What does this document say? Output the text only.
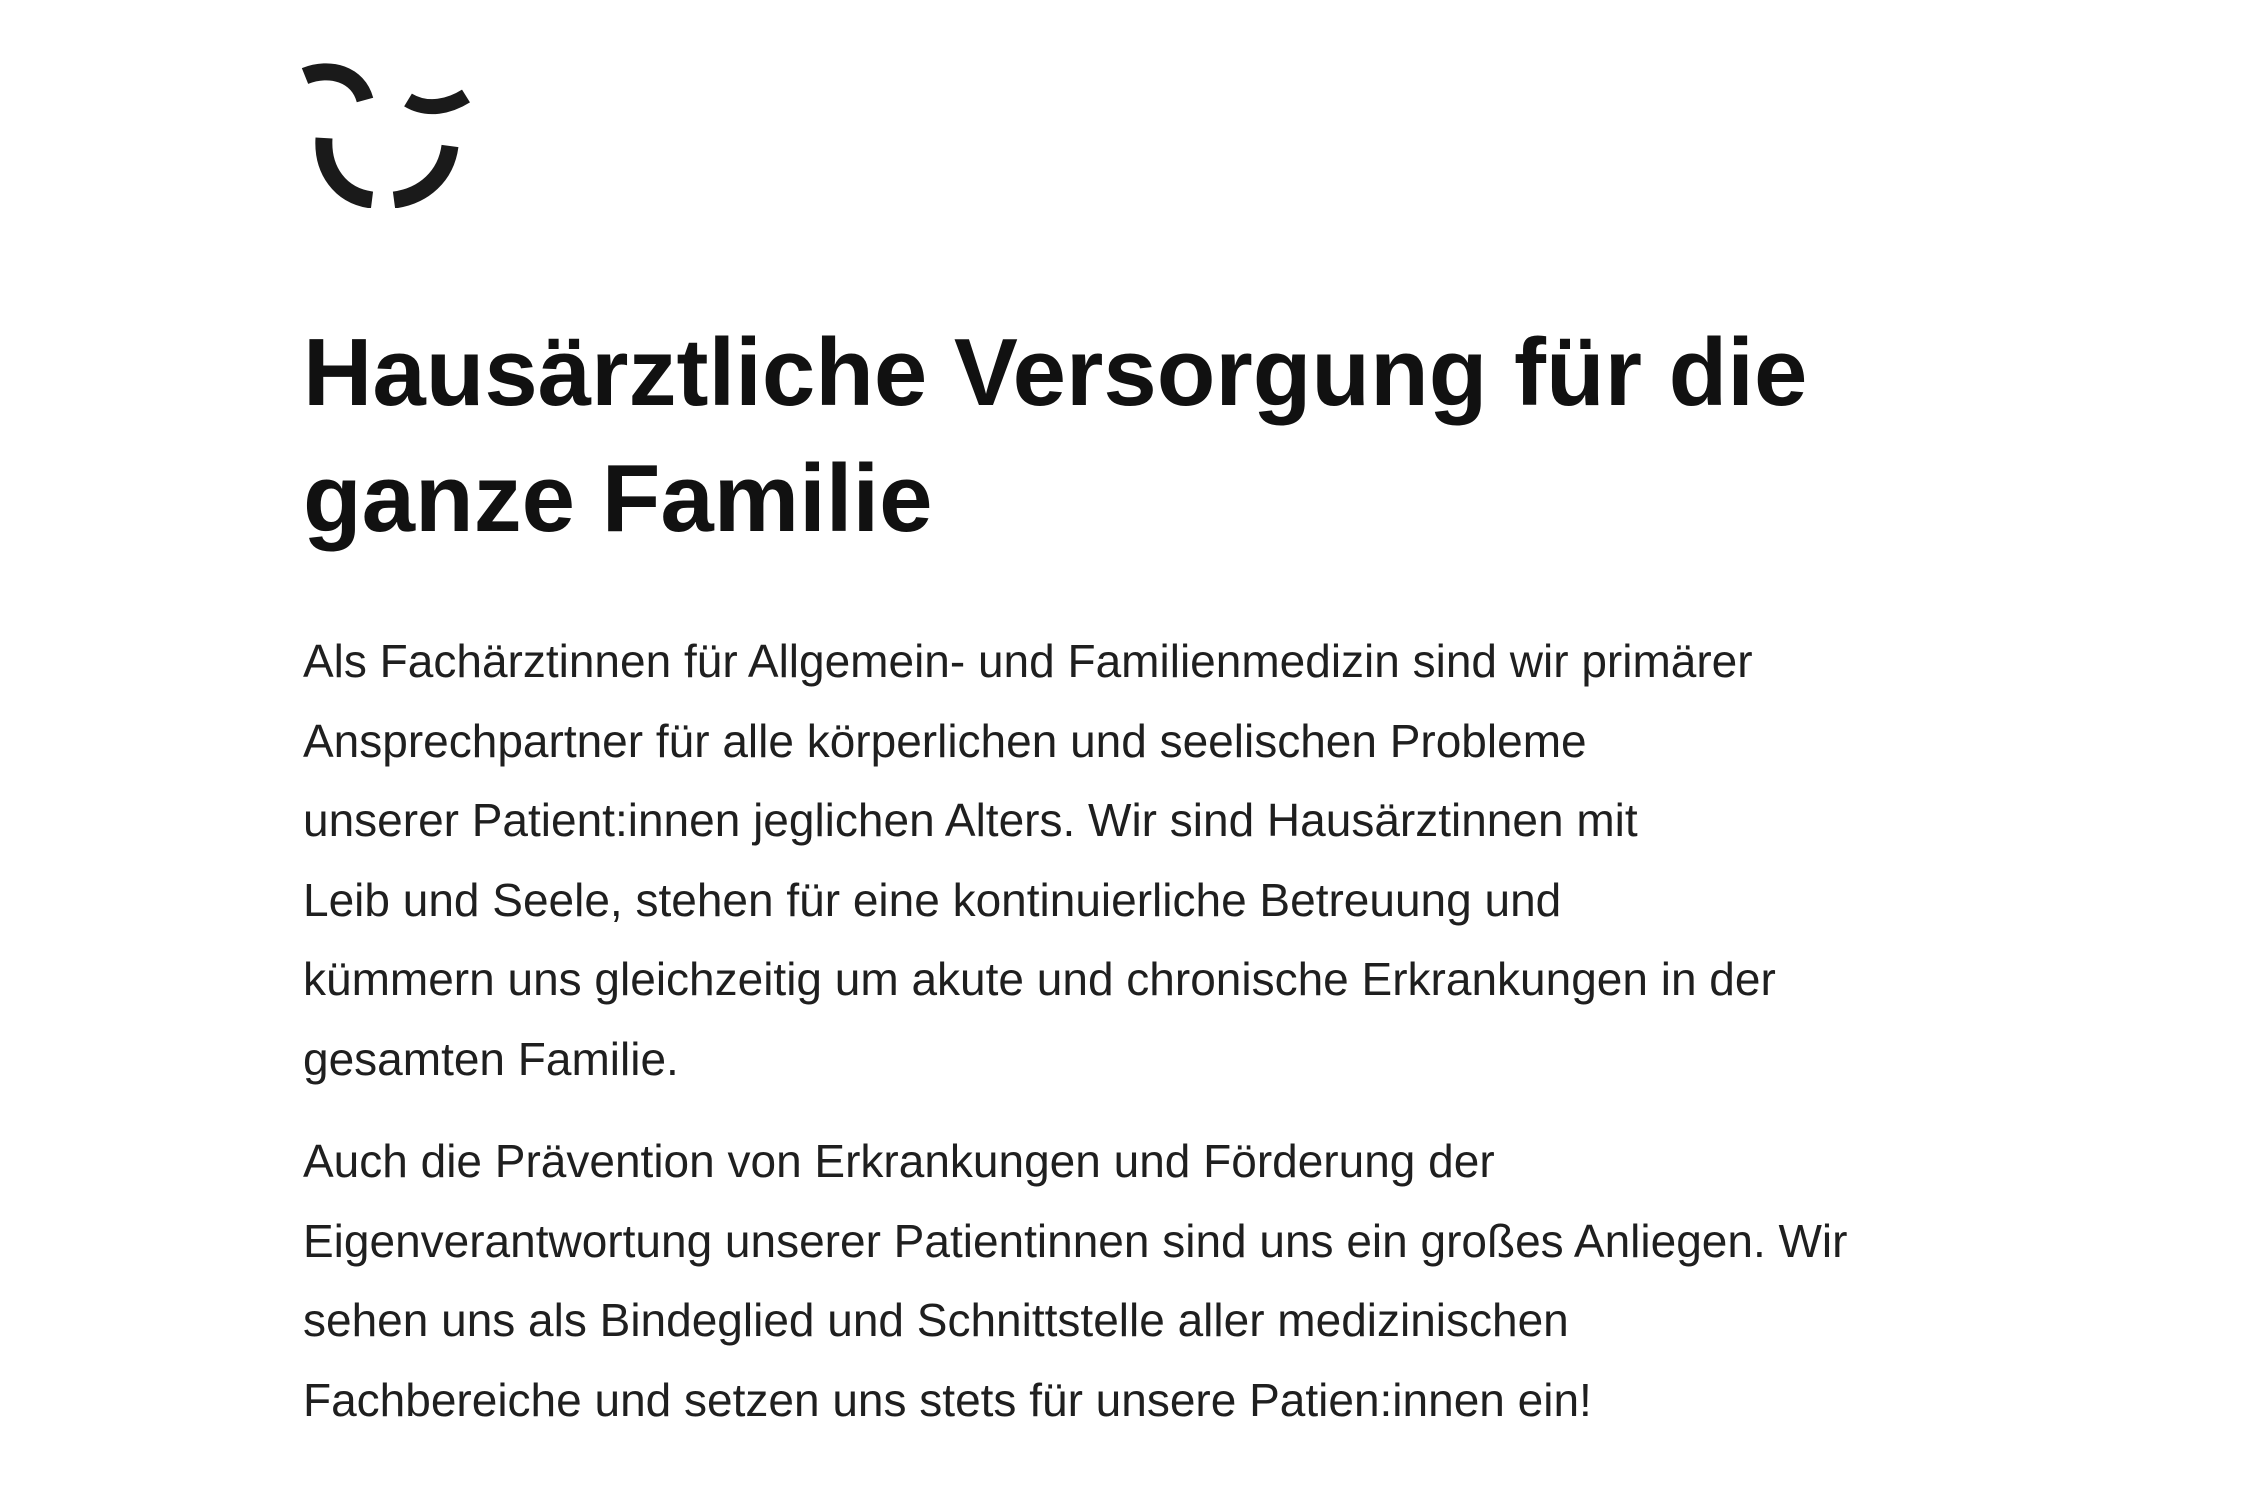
Hausärztliche Versorgung für die
ganze Familie

Als Fachärztinnen für Allgemein- und Familienmedizin sind wir primärer
Ansprechpartner für alle körperlichen und seelischen Probleme
unserer Patient:innen jeglichen Alters. Wir sind Hausärztinnen mit
Leib und Seele, stehen für eine kontinuierliche Betreuung und
kümmern uns gleichzeitig um akute und chronische Erkrankungen in der
gesamten Familie.

Auch die Prävention von Erkrankungen und Förderung der
Eigenverantwortung unserer Patientinnen sind uns ein großes Anliegen. Wir
sehen uns als Bindeglied und Schnittstelle aller medizinischen
Fachbereiche und setzen uns stets für unsere Patien:innen ein!
